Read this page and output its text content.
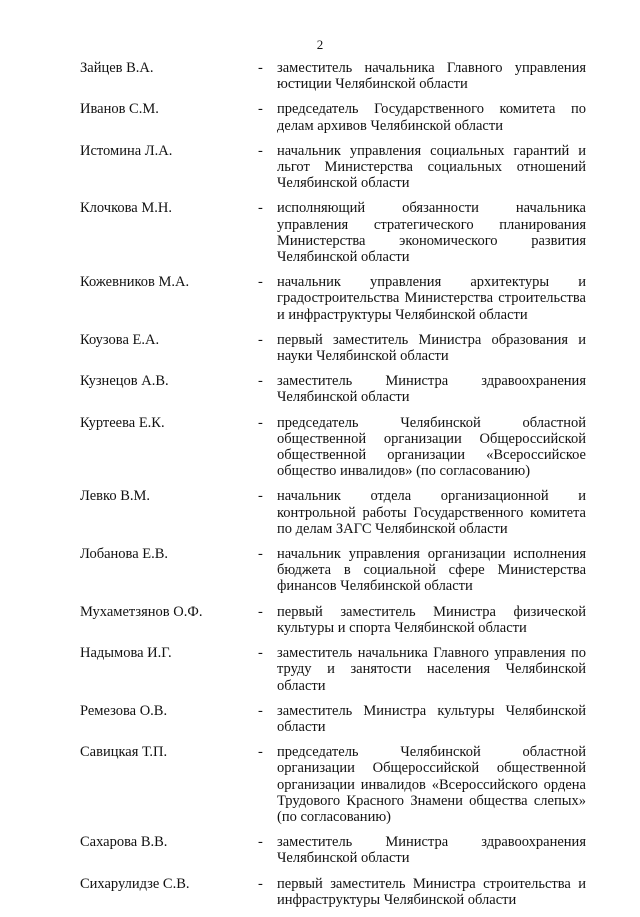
2
Зайцев В.А.	- заместитель начальника Главного управления юстиции Челябинской области
Иванов С.М.	- председатель Государственного комитета по делам архивов Челябинской области
Истомина Л.А.	- начальник управления социальных гарантий и льгот Министерства социальных отношений Челябинской области
Клочкова М.Н.	- исполняющий обязанности начальника управления стратегического планирования Министерства экономического развития Челябинской области
Кожевников М.А.	- начальник управления архитектуры и градостроительства Министерства строительства и инфраструктуры Челябинской области
Коузова Е.А.	- первый заместитель Министра образования и науки Челябинской области
Кузнецов А.В.	- заместитель Министра здравоохранения Челябинской области
Куртеева Е.К.	- председатель Челябинской областной общественной организации Общероссийской общественной организации «Всероссийское общество инвалидов» (по согласованию)
Левко В.М.	- начальник отдела организационной и контрольной работы Государственного комитета по делам ЗАГС Челябинской области
Лобанова Е.В.	- начальник управления организации исполнения бюджета в социальной сфере Министерства финансов Челябинской области
Мухаметзянов О.Ф.	- первый заместитель Министра физической культуры и спорта Челябинской области
Надымова И.Г.	- заместитель начальника Главного управления по труду и занятости населения Челябинской области
Ремезова О.В.	- заместитель Министра культуры Челябинской области
Савицкая Т.П.	- председатель Челябинской областной организации Общероссийской общественной организации инвалидов «Всероссийского ордена Трудового Красного Знамени общества слепых» (по согласованию)
Сахарова В.В.	- заместитель Министра здравоохранения Челябинской области
Сихарулидзе С.В.	- первый заместитель Министра строительства и инфраструктуры Челябинской области
